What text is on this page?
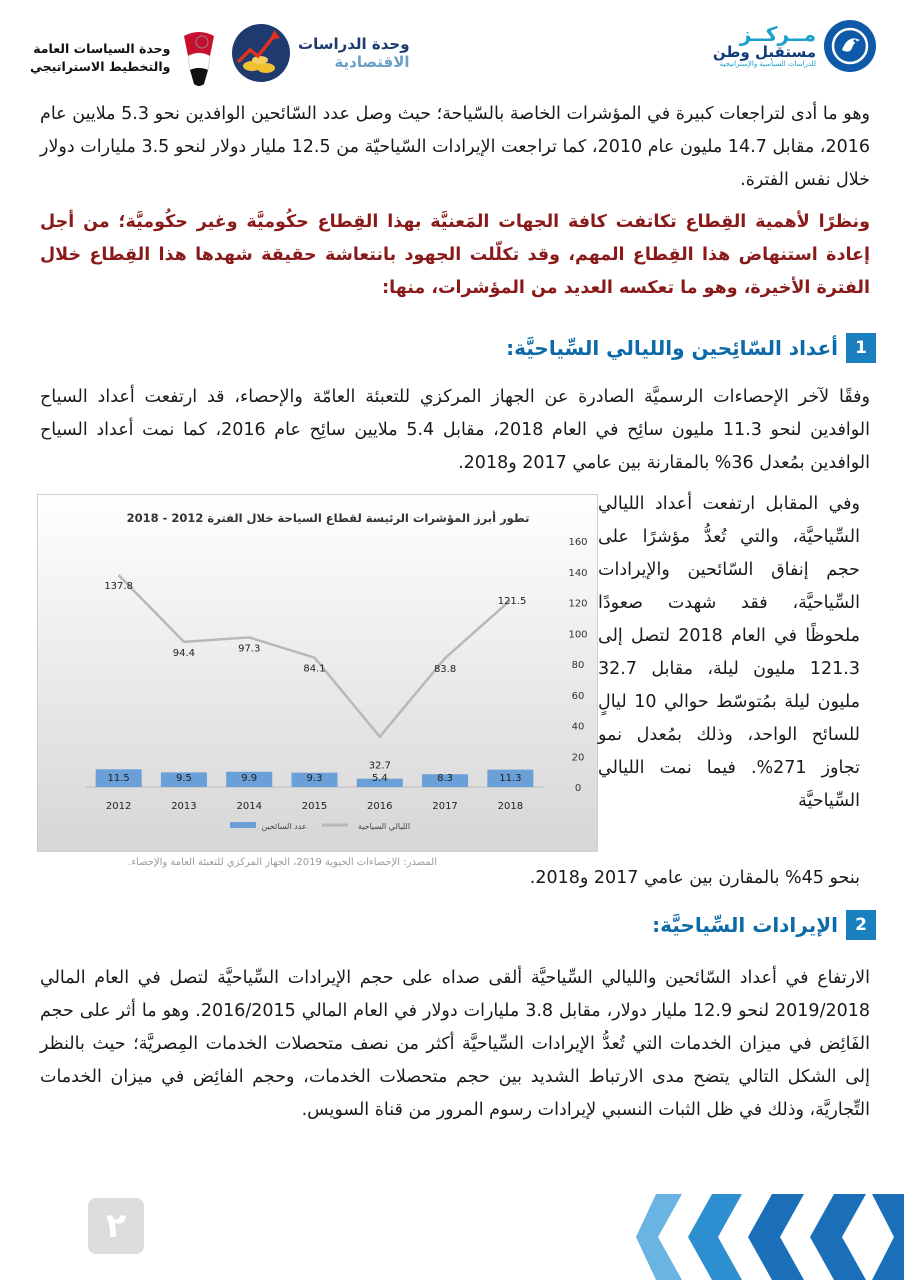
مــركــز
مستقبل وطن
للدراسات السياسية والإستراتيجية
وحدة الدراسات
الاقتصادية
وحدة السياسات العامة
والتخطيط الاستراتيجي

وهو ما أدى لتراجعات كبيرة في المؤشرات الخاصة بالسّياحة؛ حيث وصل عدد السّائحين الوافدين نحو 5.3 ملايين عام 2016، مقابل 14.7 مليون عام 2010، كما تراجعت الإيرادات السّياحيّة من 12.5 مليار دولار لنحو 3.5 مليارات دولار خلال نفس الفترة.

ونظرًا لأهمية القِطاع تكاتفت كافة الجهات المَعنيَّة بهذا القِطاع حكُوميَّة وغير حكُوميَّة؛ من أجل إعادة استنهاض هذا القِطاع المهم، وقد تكلّلت الجهود بانتعاشة حقيقة شهدها هذا القِطاع خلال الفترة الأخيرة، وهو ما تعكسه العديد من المؤشرات، منها:

1
أعداد السّائِحين والليالي السِّياحيَّة:

وفقًا لآخر الإحصاءات الرسميَّة الصادرة عن الجهاز المركزي للتعبئة العامّة والإحصاء، قد ارتفعت أعداد السياح الوافدين لنحو 11.3 مليون سائِح في العام 2018، مقابل 5.4 ملايين سائِح عام 2016، كما نمت أعداد السياح الوافدين بمُعدل 36% بالمقارنة بين عامي 2017 و2018.

تطور أبرز المؤشرات الرئيسة لقطاع السياحة خلال الفترة 2012 - 2018
0
20
40
60
80
100
120
140
160
11.5	9.5	9.9	9.3	5.4	8.3	11.3
137.8
94.4	97.3
84.1
32.7
83.8
121.5
2012	2013	2014	2015	2016	2017	2018
عدد السائحين	الليالي السياحية
المصدر: الإحصاءات الحيوية 2019، الجهاز المركزي للتعبئة العامة والإحصاء.

وفي المقابل ارتفعت أعداد الليالي السِّياحيَّة، والتي تُعدُّ مؤشرًا على حجم إنفاق السّائحين والإيرادات السِّياحيَّة، فقد شهدت صعودًا ملحوظًا في العام 2018 لتصل إلى 121.3 مليون ليلة، مقابل 32.7 مليون ليلة بمُتوسّط حوالي 10 ليالٍ للسائح الواحد، وذلك بمُعدل نمو تجاوز 271%. فيما نمت الليالي السِّياحيَّة

بنحو 45% بالمقارن بين عامي 2017 و2018.

2
الإيرادات السِّياحيَّة:

الارتفاع في أعداد السّائحين والليالي السِّياحيَّة ألقى صداه على حجم الإيرادات السِّياحيَّة لتصل في العام المالي 2019/2018 لنحو 12.9 مليار دولار، مقابل 3.8 مليارات دولار في العام المالي 2016/2015. وهو ما أثر على حجم الفَائِض في ميزان الخدمات التي تُعدُّ الإيرادات السِّياحيَّة أكثر من نصف متحصلات الخدمات المِصريَّة؛ حيث بالنظر إلى الشكل التالي يتضح مدى الارتباط الشديد بين حجم متحصلات الخدمات، وحجم الفائِض في ميزان الخدمات التِّجاريَّة، وذلك في ظل الثبات النسبي لإيرادات رسوم المرور من قناة السويس.

٢
